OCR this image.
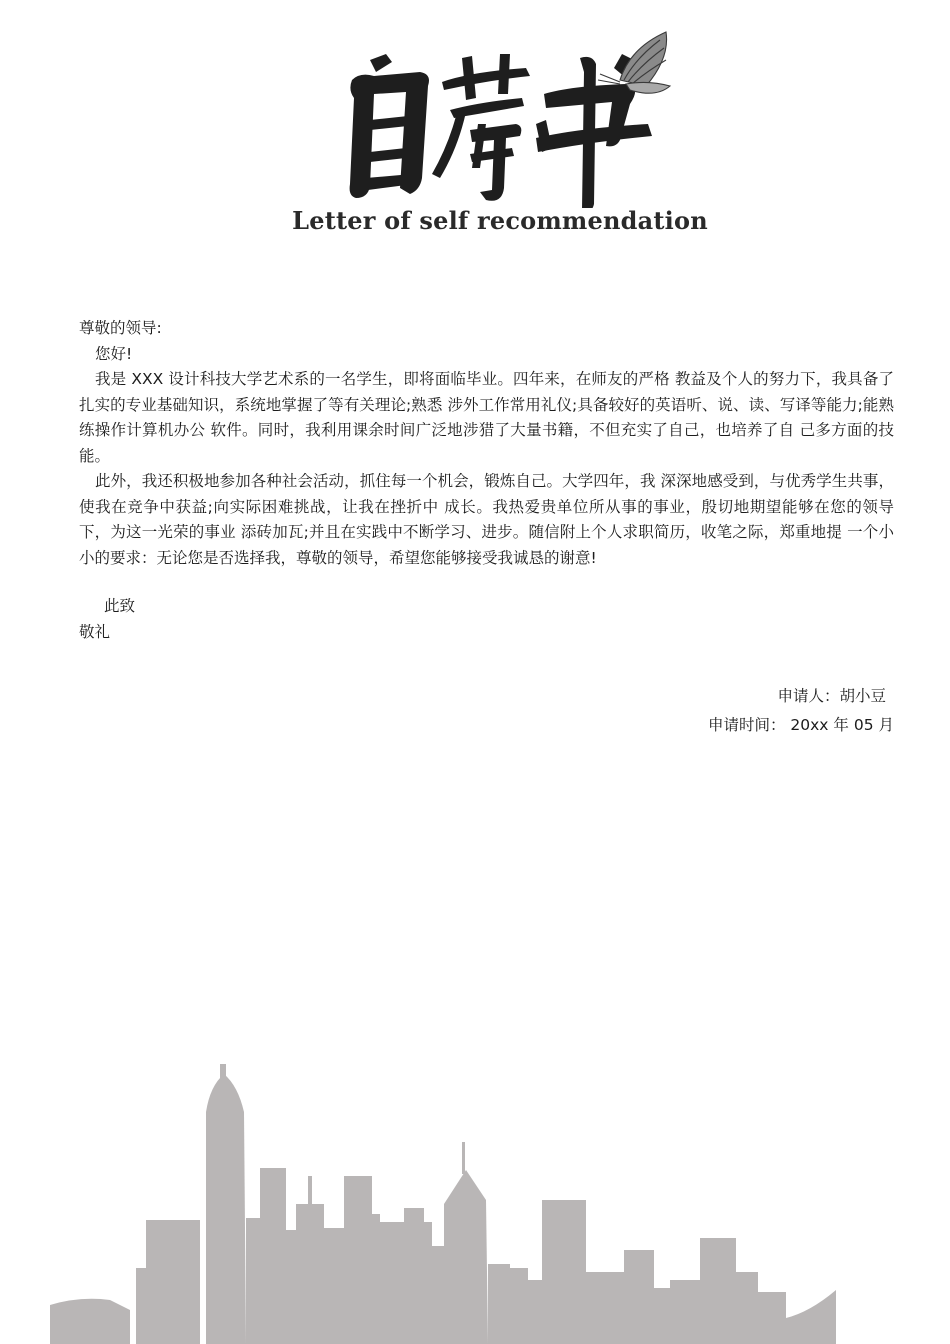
Letter of self recommendation

尊敬的领导:

您好!

我是 XXX 设计科技大学艺术系的一名学生，即将面临毕业。四年来，在师友的严格 教益及个人的努力下，我具备了扎实的专业基础知识，系统地掌握了等有关理论;熟悉 涉外工作常用礼仪;具备较好的英语听、说、读、写译等能力;能熟练操作计算机办公 软件。同时，我利用课余时间广泛地涉猎了大量书籍，不但充实了自己，也培养了自 己多方面的技能。

此外，我还积极地参加各种社会活动，抓住每一个机会，锻炼自己。大学四年，我 深深地感受到，与优秀学生共事，使我在竞争中获益;向实际困难挑战，让我在挫折中 成长。我热爱贵单位所从事的事业，殷切地期望能够在您的领导下，为这一光荣的事业 添砖加瓦;并且在实践中不断学习、进步。随信附上个人求职简历，收笔之际，郑重地提 一个小小的要求：无论您是否选择我，尊敬的领导，希望您能够接受我诚恳的谢意!

此致
敬礼
申请人：胡小豆
申请时间： 20xx 年 05 月
